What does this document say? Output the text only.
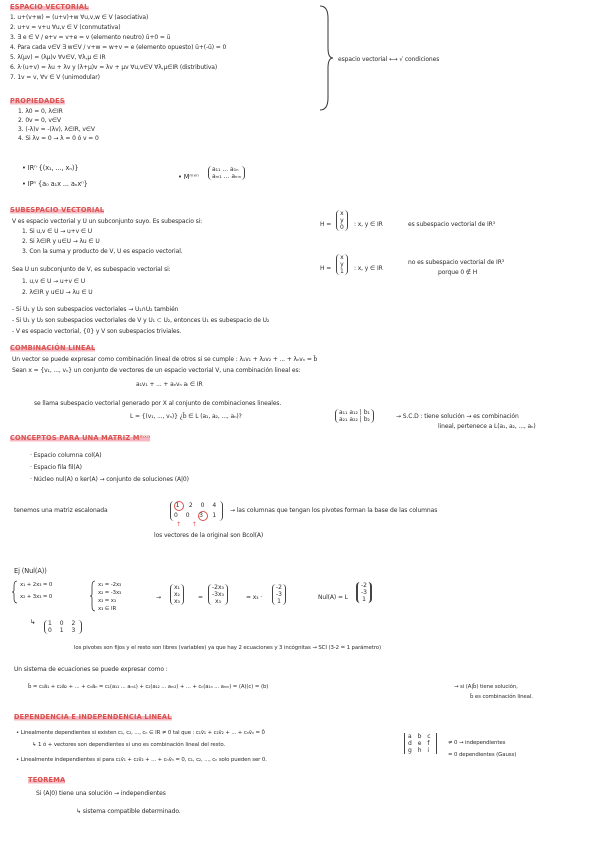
ESPACIO VECTORIAL
1. u+(v+w) = (u+v)+w ∀u,v,w ∈ V (asociativa)
2. u+v = v+u ∀u,v ∈ V (conmutativa)
3. ∃ e ∈ V / e+v = v+e = v (elemento neutro) ū+0 = ū
4. Para cada v∈V ∃ w∈V / v+w = w+v = e (elemento opuesto) ū+(-ū) = 0
5. λ(μv) = (λμ)v ∀v∈V, ∀λ,μ ∈ IR
6. λ·(u+v) = λu + λv y (λ+μ)v = λv + μv ∀u,v∈V ∀λ,μ∈IR (distributiva)
7. 1v = v, ∀v ∈ V (unimodular)
espacio vectorial ⟷ √ condiciones
PROPIEDADES
1. λ0 = 0, λ∈IR
2. 0v = 0, v∈V
3. (-λ)v = -(λv), λ∈IR, v∈V
4. Si λv = 0 → λ = 0 ó v = 0
• IRⁿ {(x₁, ..., xₙ)}
• IPⁿ {a₀ a₁x ... aₙxⁿ}
• Mᵐˣⁿ
a₁₁ ... a₁ₙ
aₘ₁ ... aₘₙ
SUBESPACIO VECTORIAL
V es espacio vectorial y U un subconjunto suyo. Es subespacio si:
1. Si u,v ∈ U → u+v ∈ U
2. Si λ∈IR y u∈U → λu ∈ U
3. Con la suma y producto de V, U es espacio vectorial.
Sea U un subconjunto de V, es subespacio vectorial si:
1. u,v ∈ U → u+v ∈ U
2. λ∈IR y u∈U → λu ∈ U
- Si U₁ y U₂ son subespacios vectoriales → U₁∩U₂ también
- Si U₁ y U₂ son subespacios vectoriales de V y U₁ ⊂ U₂, entonces U₁ es subespacio de U₂
- V es espacio vectorial, {0} y V son subespacios triviales.
H =
x
y
0 : x, y ∈ IR	es subespacio vectorial de IR³
H =
x
y
1 : x, y ∈ IR
no es subespacio vectorial de IR³
porque 0 ∉ H
COMBINACIÓN LINEAL
Un vector se puede expresar como combinación lineal de otros si se cumple : λ₁v₁ + λ₂v₂ + ... + λₙvₙ = b̄
Sean x = {v₁, ..., vₙ} un conjunto de vectores de un espacio vectorial V, una combinación lineal es:
a₁v₁ + ... + aₙvₙ aᵢ ∈ IR
se llama subespacio vectorial generado por X al conjunto de combinaciones lineales.
L = {(v₁, ..., vₙ)} ¿b̄ ∈ L (a₁, a₂, ..., aₙ)?
a₁₁ a₁₂ | b₁
a₂₁ a₂₂ | b₂	→ S.C.D : tiene solución → es combinación
lineal, pertenece a L(a₁, a₂, ..., aₙ)
CONCEPTOS PARA UNA MATRIZ Mᵐˣⁿ
· Espacio columna col(A)
· Espacio fila fil(A)
· Núcleo nul(A) o ker(A) → conjunto de soluciones (A|0)
tenemos una matriz escalonada
1 2 0 4
0 0 3 1
→ las columnas que tengan los pivotes forman la base de las columnas
↑      ↑
los vectores de la original son Bcol(A)
Ej (Nul(A))
x₁ + 2x₃ = 0
x₂ + 3x₃ = 0
x₁ = -2x₃
x₂ = -3x₃
x₃ = x₃
x₃ ∈ IR
→
x₁
x₂
x₃
=
-2x₃
-3x₃
x₃
= x₃ ·
-2
-3
1
Nul(A) = L
-2
-3
1
↳ 1 0 2
0 1 3
los pivotes son fijos y el resto son libres (variables) ya que hay 2 ecuaciones y 3 incógnitas → SCI (3-2 = 1 parámetro)
Un sistema de ecuaciones se puede expresar como :
b̄ = c₁ā₁ + c₂ā₂ + ... + cₙāₙ = c₁(a₁₁ ... aₘ₁) + c₂(a₁₂ ... aₘ₂) + ... + cₙ(a₁ₙ ... aₘₙ) = (A)(c) = (b)	→ si (A|b̄) tiene solución,
b̄ es combinación lineal.
DEPENDENCIA E INDEPENDENCIA LINEAL
• Linealmente dependientes si existen c₁, c₂, ..., cₙ ∈ IR ≠ 0 tal que : c₁v̄₁ + c₂v̄₂ + ... + cₙv̄ₙ = 0̄
↳ 1 ó + vectores son dependientes si uno es combinación lineal del resto.
• Linealmente independientes si para c₁v̄₁ + c₂v̄₂ + ... + cₙv̄ₙ = 0, c₁, c₂, ..., cₙ solo pueden ser 0.
a b c
d e f
g h i
≠ 0 → independientes
= 0 dependientes (Gauss)
TEOREMA
Si (A|0) tiene una solución → independientes
↳ sistema compatible determinado.
